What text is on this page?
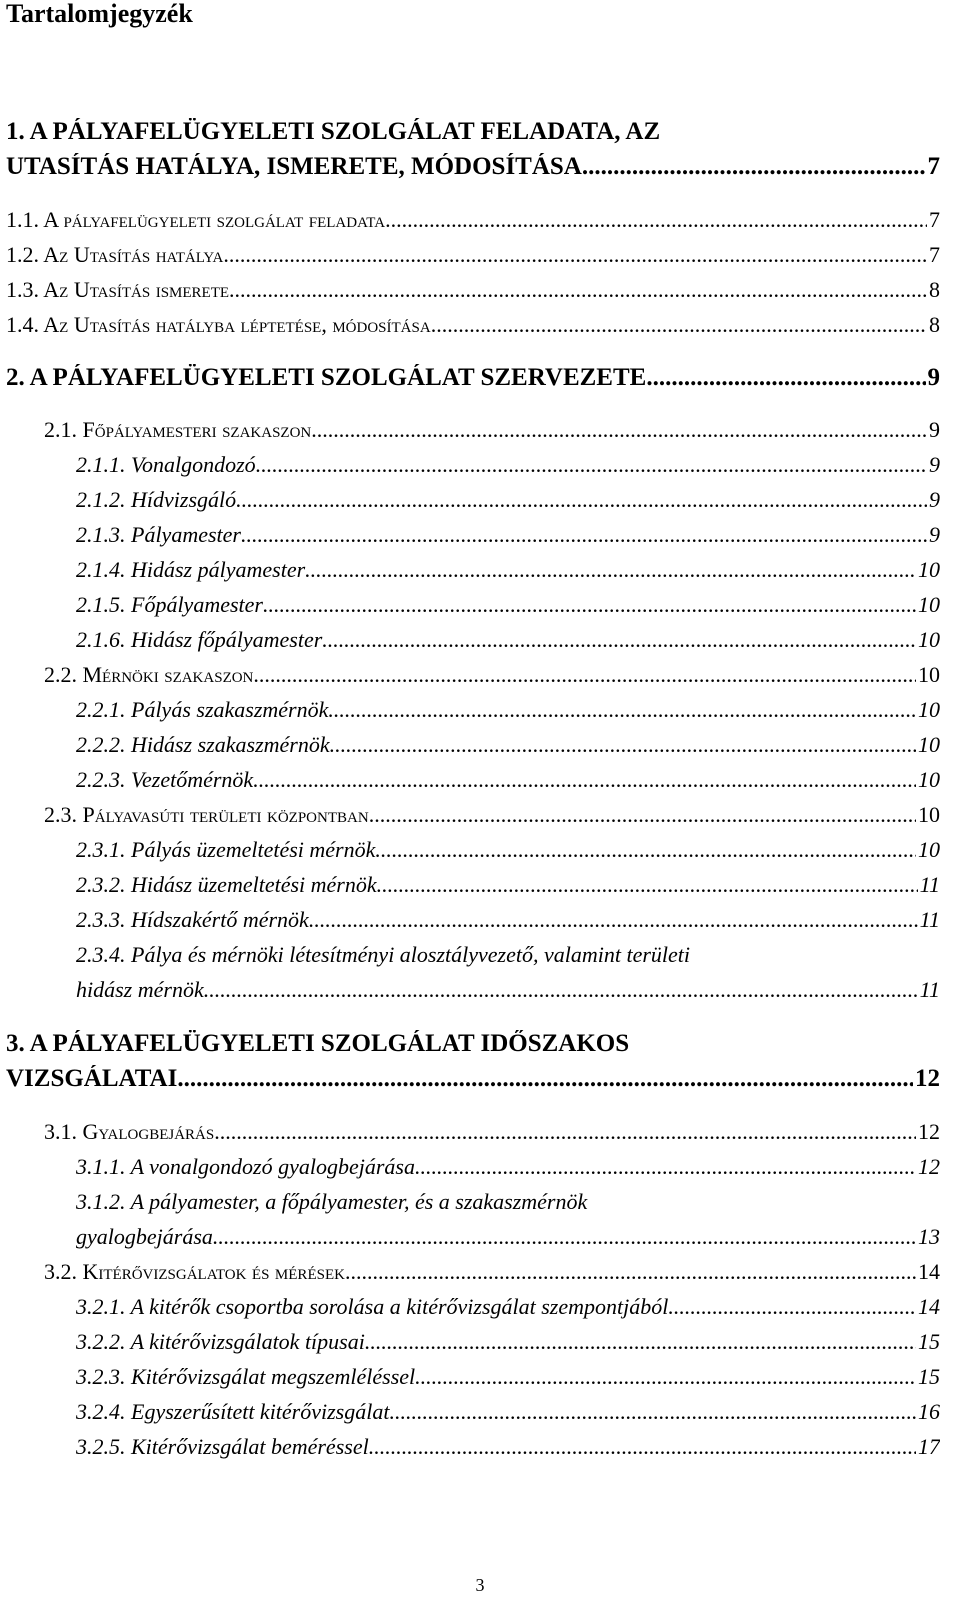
Tartalomjegyzék
1. A PÁLYAFELÜGYELETI SZOLGÁLAT FELADATA, AZ
UTASÍTÁS HATÁLYA, ISMERETE, MÓDOSÍTÁSA .....	7
1.1. A pályafelügyeleti szolgálat feladata .....	7
1.2. Az Utasítás hatálya .....	7
1.3. Az Utasítás ismerete .....	8
1.4. Az Utasítás hatályba léptetése, módosítása .....	8
2. A PÁLYAFELÜGYELETI SZOLGÁLAT SZERVEZETE .....	9
2.1. Főpályamesteri szakaszon .....	9
2.1.1. Vonalgondozó .....	9
2.1.2. Hídvizsgáló .....	9
2.1.3. Pályamester .....	9
2.1.4. Hidász pályamester .....	10
2.1.5. Főpályamester .....	10
2.1.6. Hidász főpályamester .....	10
2.2. Mérnöki szakaszon .....	10
2.2.1. Pályás szakaszmérnök .....	10
2.2.2. Hidász szakaszmérnök .....	10
2.2.3. Vezetőmérnök .....	10
2.3. Pályavasúti területi központban .....	10
2.3.1. Pályás üzemeltetési mérnök .....	10
2.3.2. Hidász üzemeltetési mérnök .....	11
2.3.3. Hídszakértő mérnök .....	11
2.3.4. Pálya és mérnöki létesítményi alosztályvezető, valamint területi
hidász mérnök .....	11
3. A PÁLYAFELÜGYELETI SZOLGÁLAT IDŐSZAKOS
VIZSGÁLATAI .....	12
3.1. Gyalogbejárás .....	12
3.1.1. A vonalgondozó gyalogbejárása .....	12
3.1.2. A pályamester, a főpályamester, és a szakaszmérnök
gyalogbejárása .....	13
3.2. Kitérővizsgálatok és mérések .....	14
3.2.1. A kitérők csoportba sorolása a kitérővizsgálat szempontjából .....	14
3.2.2. A kitérővizsgálatok típusai .....	15
3.2.3. Kitérővizsgálat megszemléléssel .....	15
3.2.4. Egyszerűsített kitérővizsgálat .....	16
3.2.5. Kitérővizsgálat beméréssel .....	17
3
